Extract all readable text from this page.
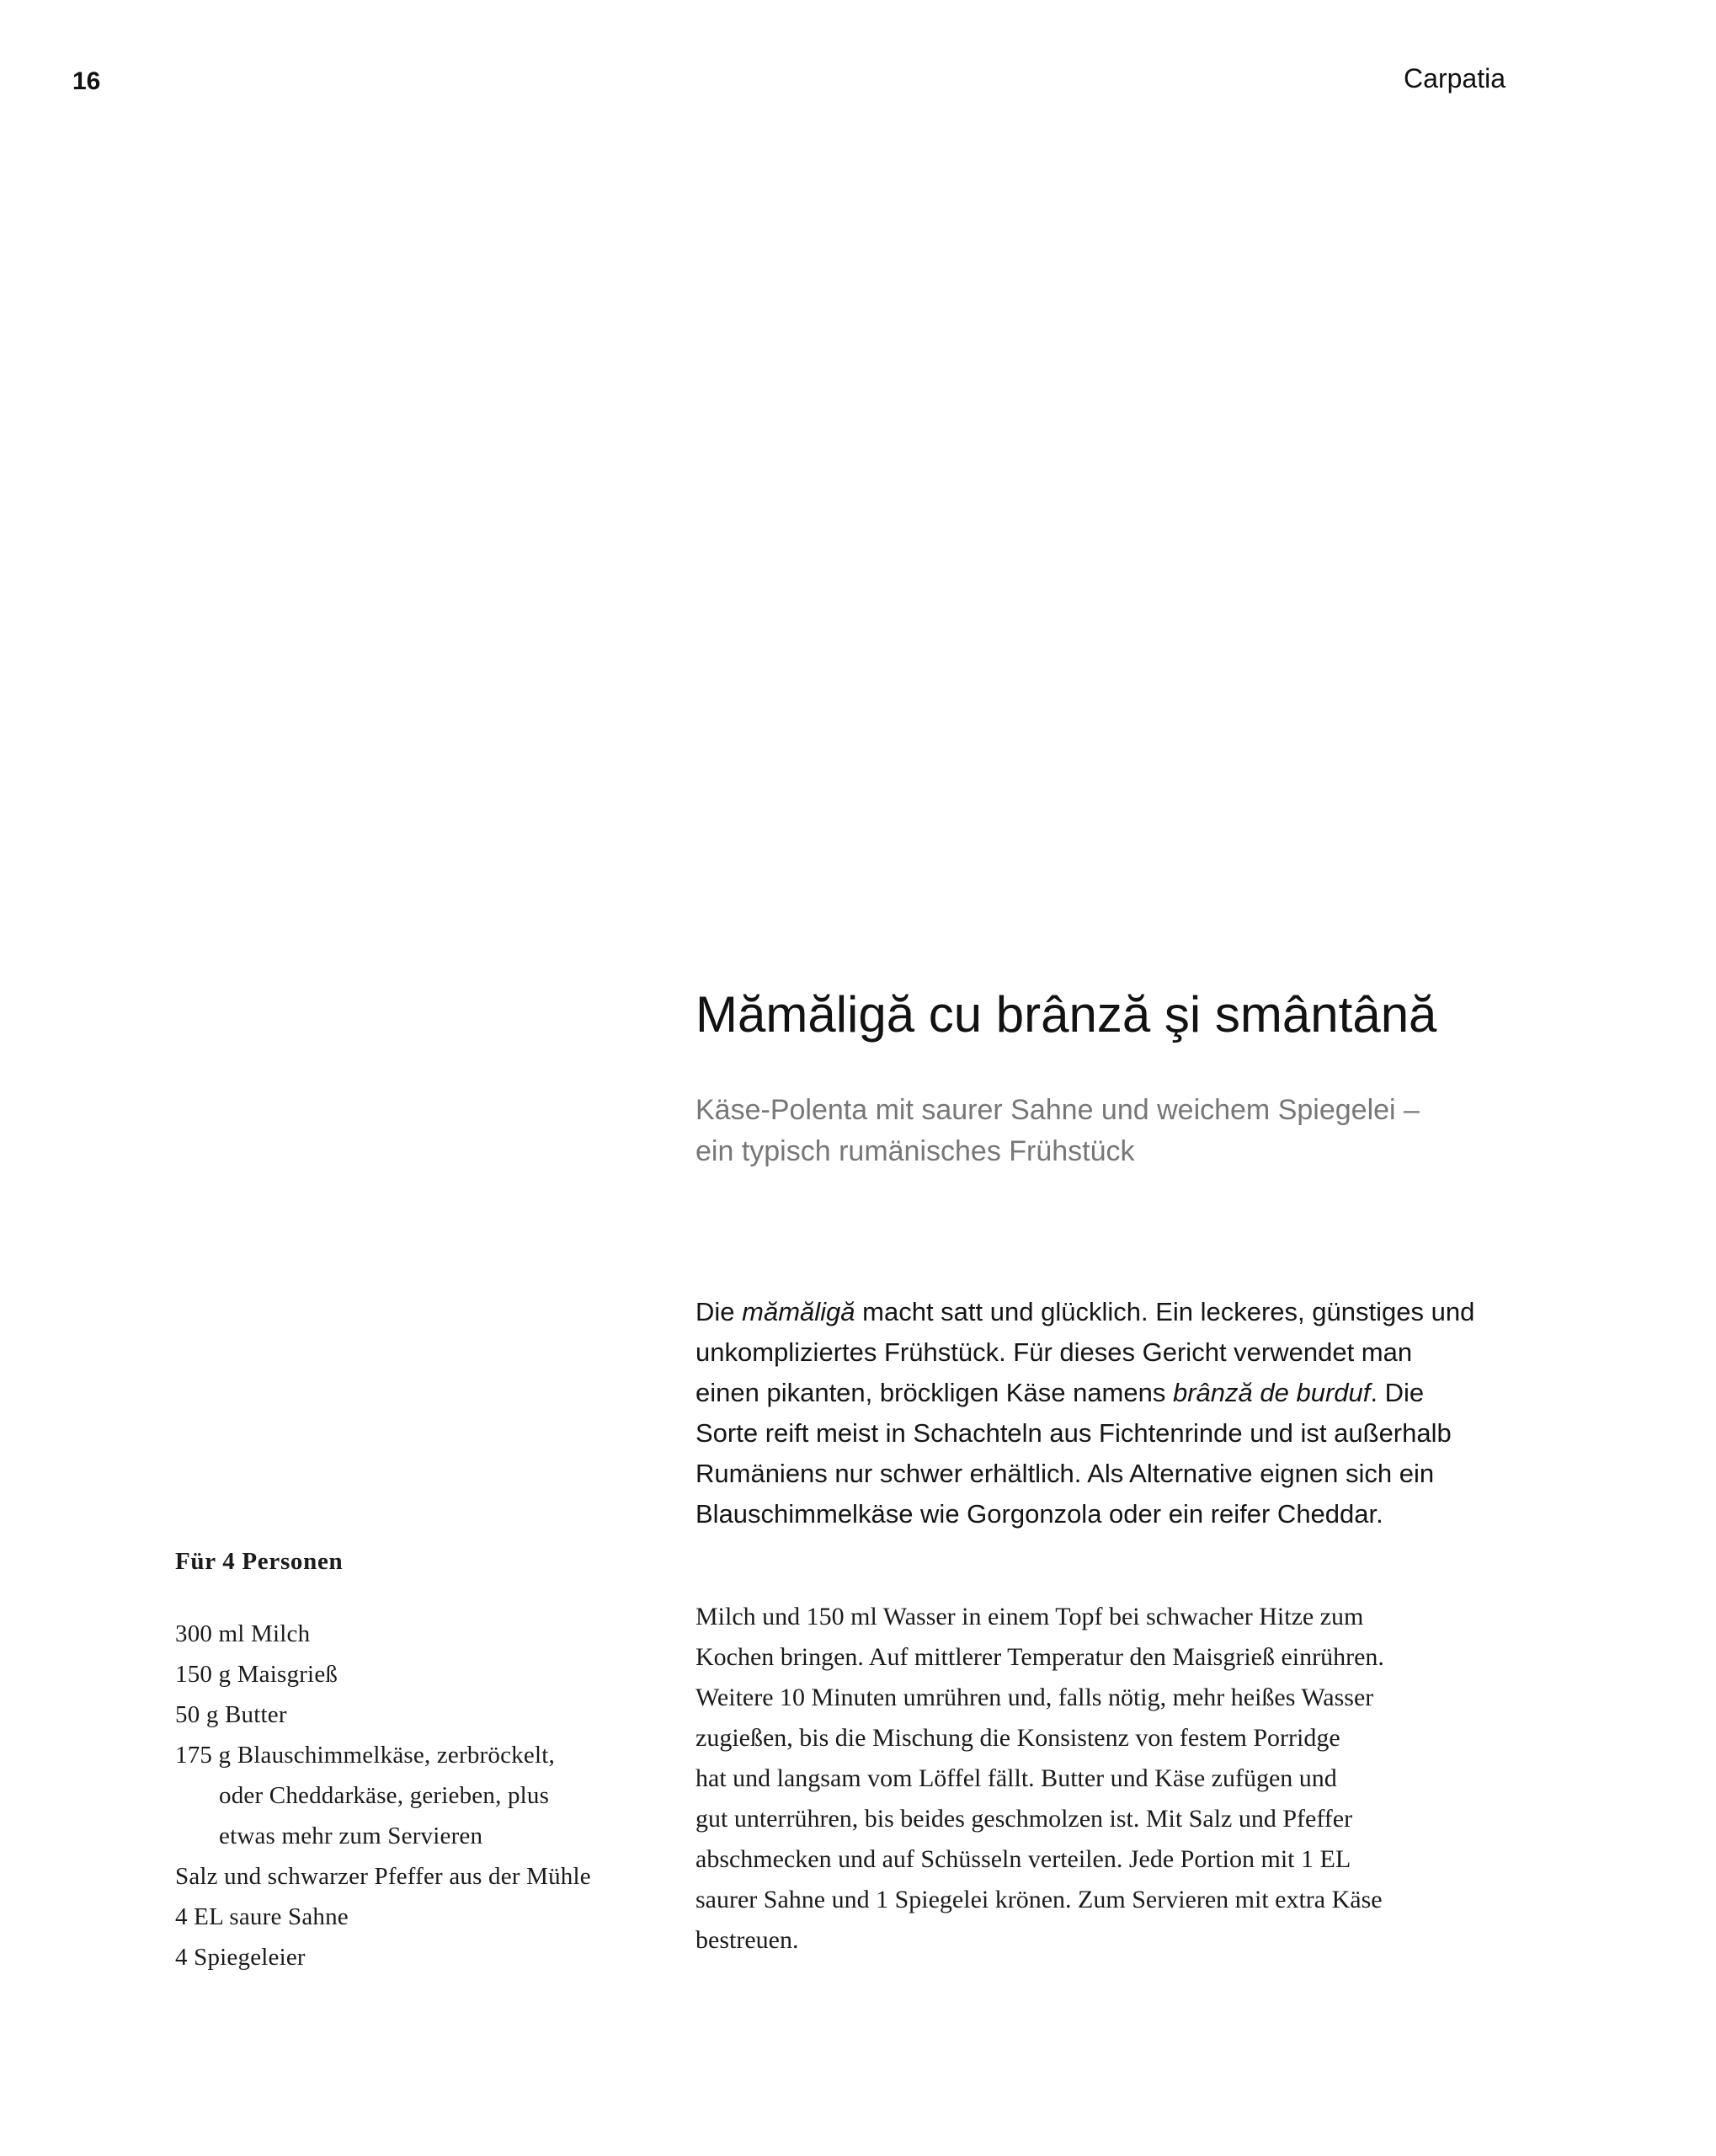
16	Carpatia
Mămăligă cu brânză şi smântână
Käse-Polenta mit saurer Sahne und weichem Spiegelei –
ein typisch rumänisches Frühstück
Die mămăligă macht satt und glücklich. Ein leckeres, günstiges und
unkompliziertes Frühstück. Für dieses Gericht verwendet man
einen pikanten, bröckligen Käse namens brânză de burduf. Die
Sorte reift meist in Schachteln aus Fichtenrinde und ist außerhalb
Rumäniens nur schwer erhältlich. Als Alternative eignen sich ein
Blauschimmelkäse wie Gorgonzola oder ein reifer Cheddar.
Für 4 Personen
300 ml Milch
150 g Maisgrieß
50 g Butter
175 g Blauschimmelkäse, zerbröckelt,
oder Cheddarkäse, gerieben, plus
etwas mehr zum Servieren
Salz und schwarzer Pfeffer aus der Mühle
4 EL saure Sahne
4 Spiegeleier
Milch und 150 ml Wasser in einem Topf bei schwacher Hitze zum
Kochen bringen. Auf mittlerer Temperatur den Maisgrieß einrühren.
Weitere 10 Minuten umrühren und, falls nötig, mehr heißes Wasser
zugießen, bis die Mischung die Konsistenz von festem Porridge
hat und langsam vom Löffel fällt. Butter und Käse zufügen und
gut unterrühren, bis beides geschmolzen ist. Mit Salz und Pfeffer
abschmecken und auf Schüsseln verteilen. Jede Portion mit 1 EL
saurer Sahne und 1 Spiegelei krönen. Zum Servieren mit extra Käse
bestreuen.
